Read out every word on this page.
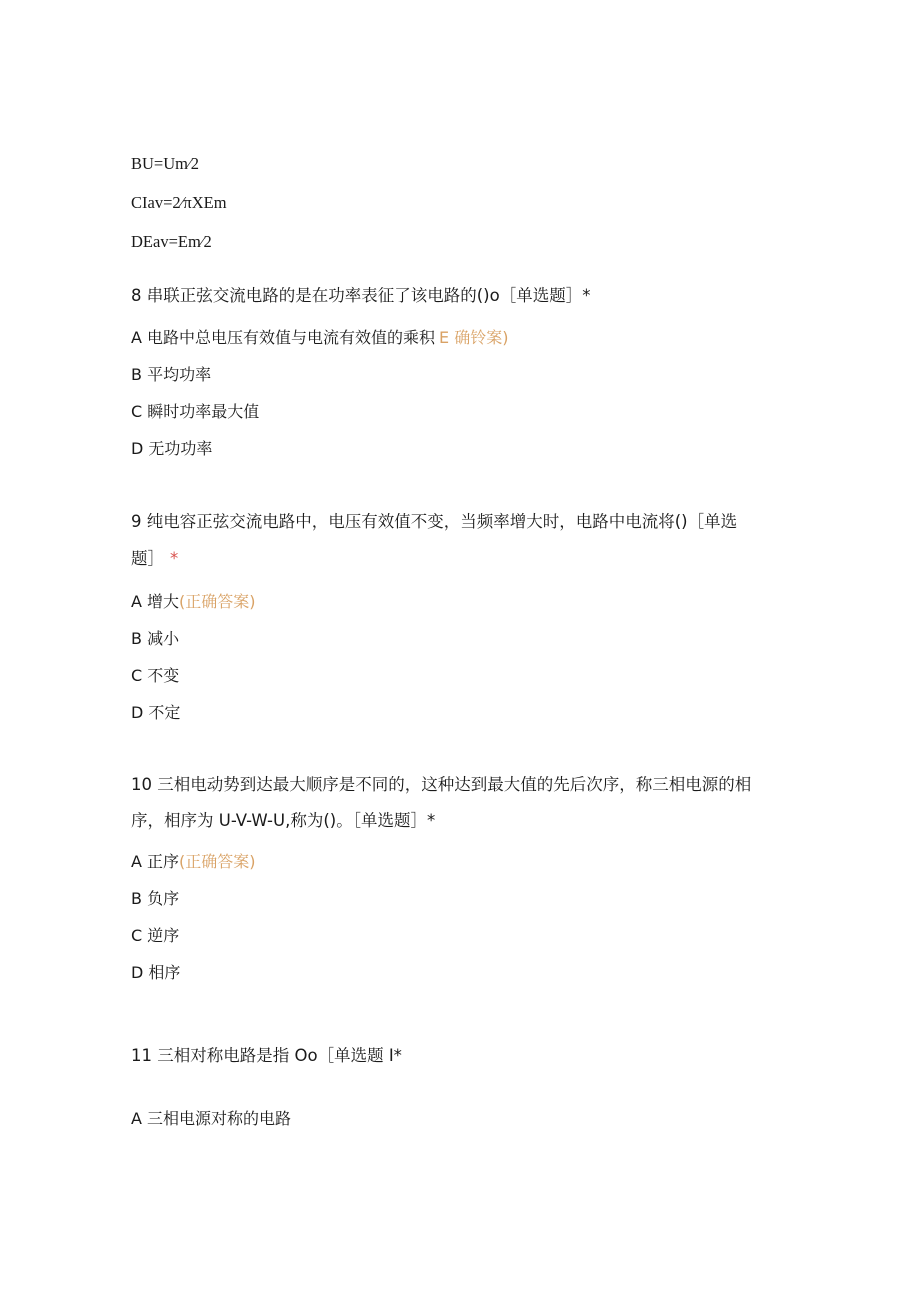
BU=Um⁄2
CIav=2⁄πXEm
DEav=Em⁄2
8 串联正弦交流电路的是在功率表征了该电路的()o［单选题］*
A 电路中总电压有效值与电流有效值的乘积 E 确铃案)
B 平均功率
C 瞬时功率最大值
D 无功功率
9 纯电容正弦交流电路中，电压有效值不变，当频率增大时，电路中电流将()［单选
题］ *
A 增大(正确答案)
B 减小
C 不变
D 不定
10 三相电动势到达最大顺序是不同的，这种达到最大值的先后次序，称三相电源的相
序，相序为 U-V-W-U,称为()。［单选题］*
A 正序(正确答案)
B 负序
C 逆序
D 相序
11 三相对称电路是指 Oo［单选题 I*
A 三相电源对称的电路
